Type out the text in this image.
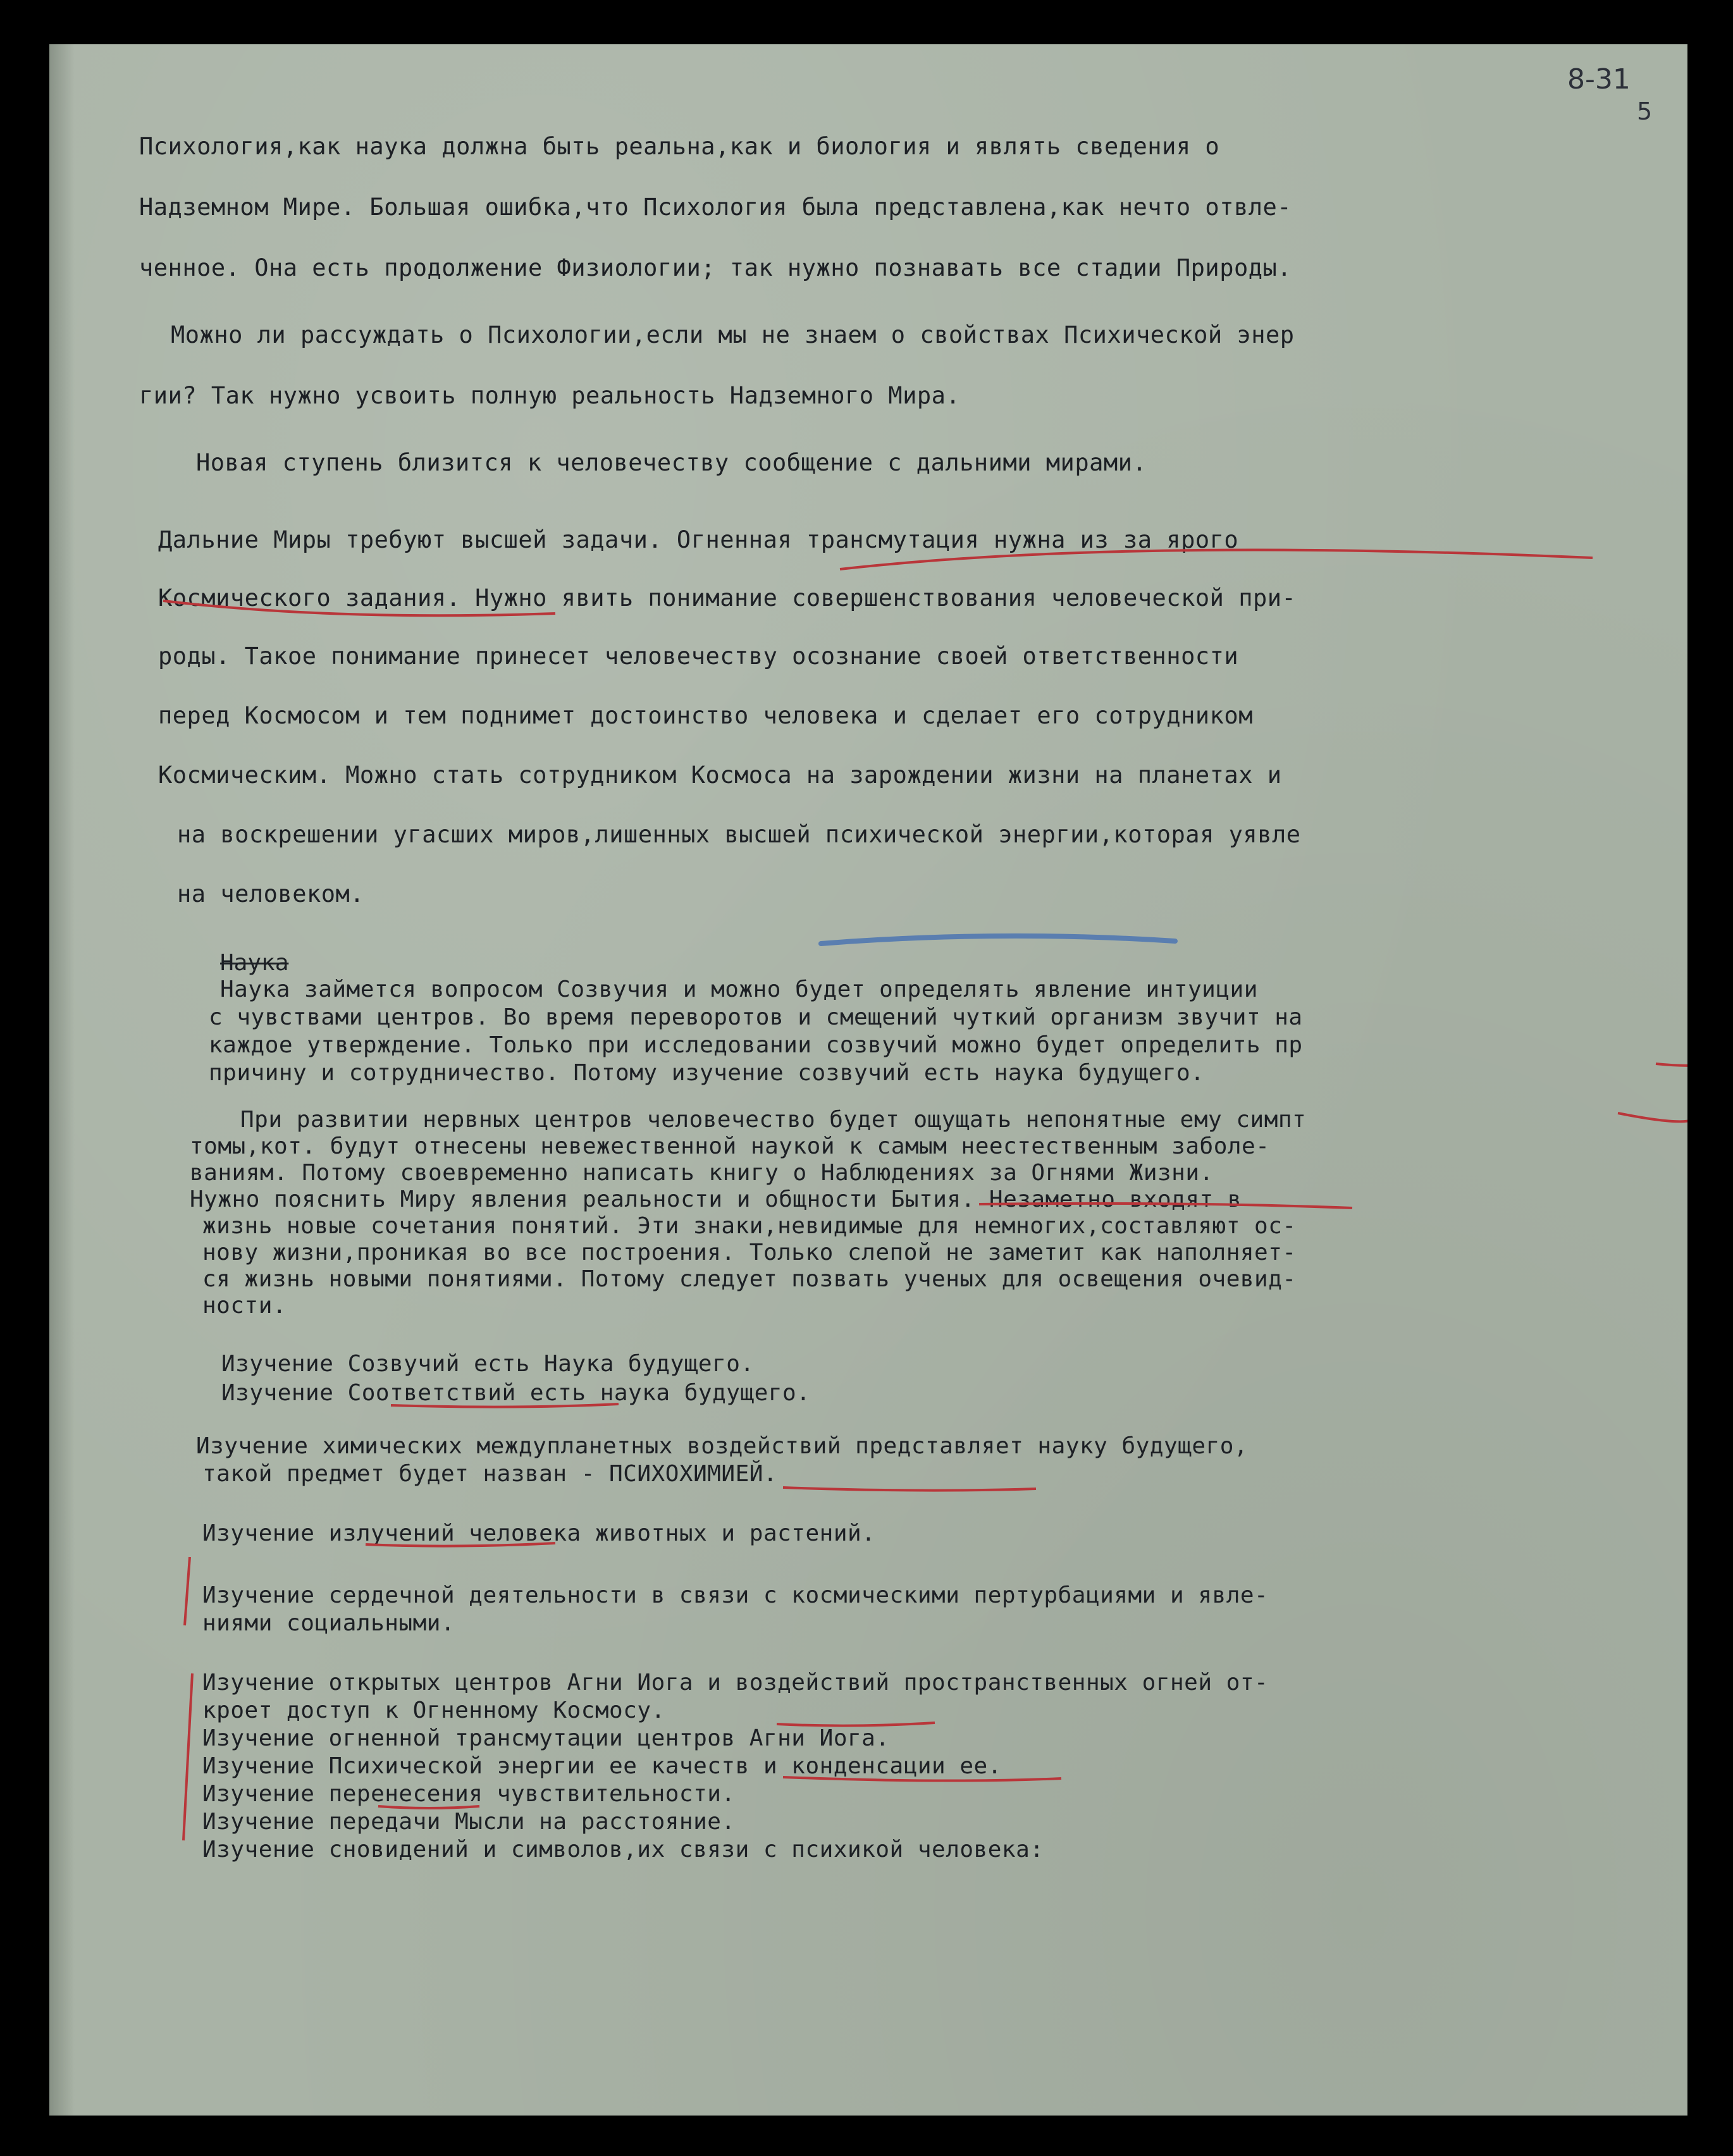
8-31
5
Психология,как наука должна быть реальна,как и биология и являть сведения о
Надземном Мире. Большая ошибка,что Психология была представлена,как нечто отвле-
ченное. Она есть продолжение Физиологии; так нужно познавать все стадии Природы.
Можно ли рассуждать о Психологии,если мы не знаем о свойствах Психической энер
гии? Так нужно усвоить полную реальность Надземного Мира.
Новая ступень близится к человечеству сообщение с дальними мирами.
Дальние Миры требуют высшей задачи. Огненная трансмутация нужна из за ярого
Космического задания. Нужно явить понимание совершенствования человеческой при-
роды. Такое понимание принесет человечеству осознание своей ответственности
перед Космосом и тем поднимет достоинство человека и сделает его сотрудником
Космическим. Можно стать сотрудником Космоса на зарождении жизни на планетах и
на воскрешении угасших миров,лишенных высшей психической энергии,которая уявле
на человеком.
Наука
Наука займется вопросом Созвучия и можно будет определять явление интуиции
с чувствами центров. Во время переворотов и смещений чуткий организм звучит на
каждое утверждение. Только при исследовании созвучий можно будет определить пр
причину и сотрудничество. Потому изучение созвучий есть наука будущего.
При развитии нервных центров человечество будет ощущать непонятные ему симпт
томы,кот. будут отнесены невежественной наукой к самым неестественным заболе-
ваниям. Потому своевременно написать книгу о Наблюдениях за Огнями Жизни.
Нужно пояснить Миру явления реальности и общности Бытия. Незаметно входят в
жизнь новые сочетания понятий. Эти знаки,невидимые для немногих,составляют ос-
нову жизни,проникая во все построения. Только слепой не заметит как наполняет-
ся жизнь новыми понятиями. Потому следует позвать ученых для освещения очевид-
ности.
Изучение Созвучий есть Наука будущего.
Изучение Соответствий есть наука будущего.
Изучение химических междупланетных воздействий представляет науку будущего,
такой предмет будет назван - ПСИХОХИМИЕЙ.
Изучение излучений человека животных и растений.
Изучение сердечной деятельности в связи с космическими пертурбациями и явле-
ниями социальными.
Изучение открытых центров Агни Иога и воздействий пространственных огней от-
кроет доступ к Огненному Космосу.
Изучение огненной трансмутации центров Агни Иога.
Изучение Психической энергии ее качеств и конденсации ее.
Изучение перенесения чувствительности.
Изучение передачи Мысли на расстояние.
Изучение сновидений и символов,их связи с психикой человека:
